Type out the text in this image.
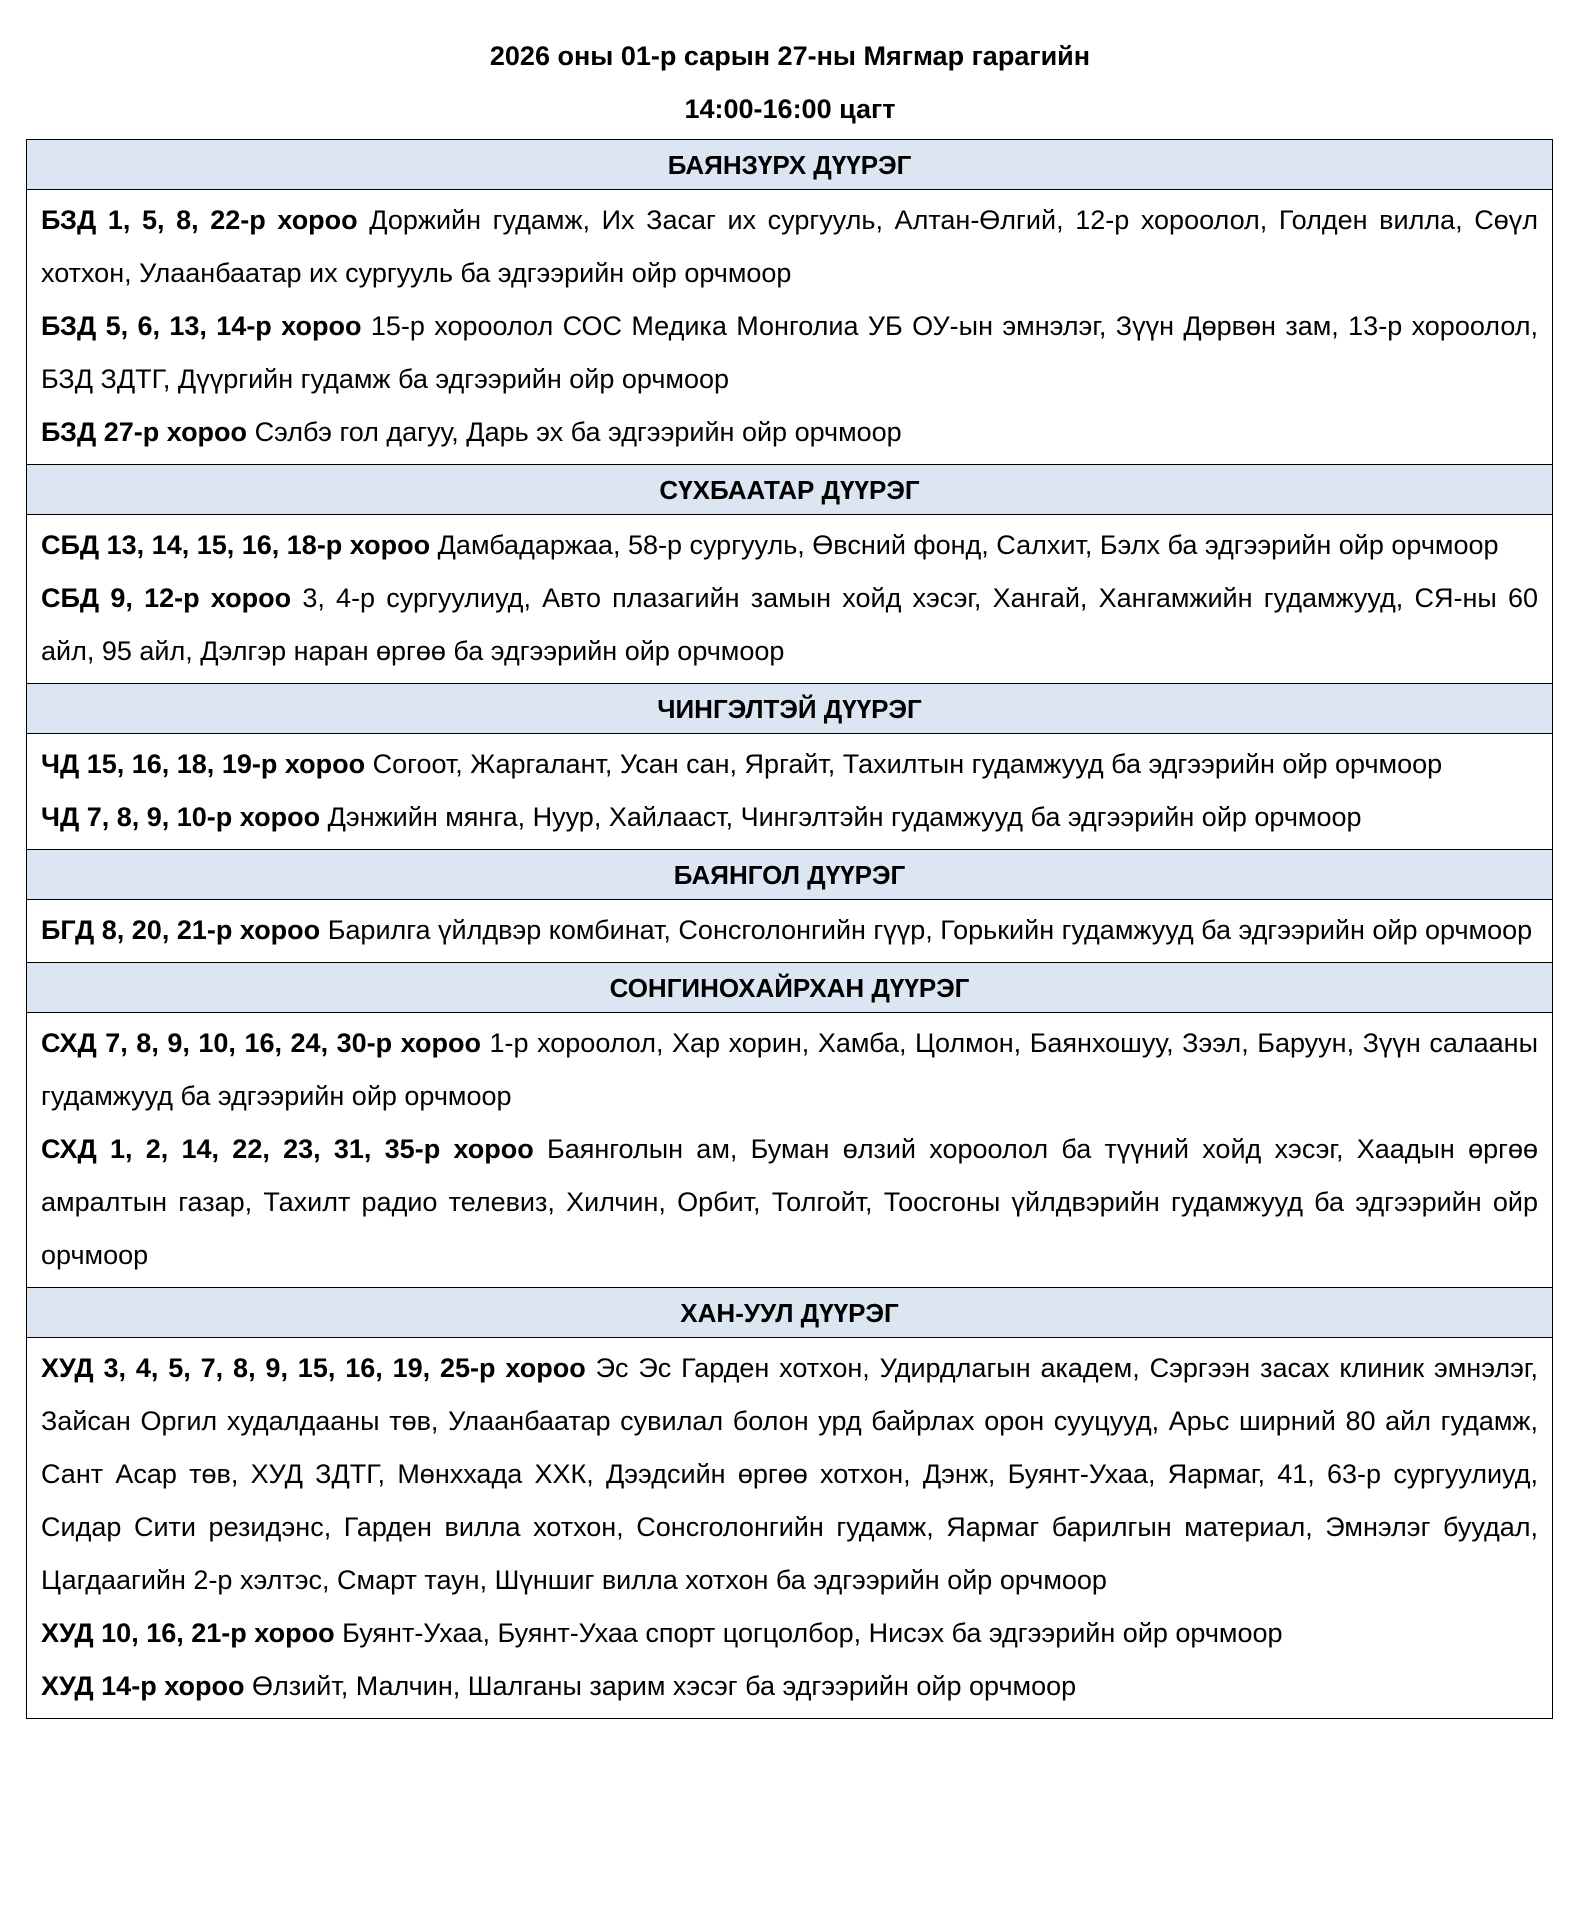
2026 оны 01-р сарын 27-ны Мягмар гарагийн
14:00-16:00 цагт
БАЯНЗҮРХ ДҮҮРЭГ

БЗД 1, 5, 8, 22-р хороо Доржийн гудамж, Их Засаг их сургууль, Алтан-Өлгий, 12-р хороолол, Голден вилла, Сөүл хотхон, Улаанбаатар их сургууль ба эдгээрийн ойр орчмоор

БЗД 5, 6, 13, 14-р хороо 15-р хороолол СОС Медика Монголиа УБ ОУ-ын эмнэлэг, Зүүн Дөрвөн зам, 13-р хороолол, БЗД ЗДТГ, Дүүргийн гудамж ба эдгээрийн ойр орчмоор

БЗД 27-р хороо Сэлбэ гол дагуу, Дарь эх ба эдгээрийн ойр орчмоор

СҮХБААТАР ДҮҮРЭГ

СБД 13, 14, 15, 16, 18-р хороо Дамбадаржаа, 58-р сургууль, Өвсний фонд, Салхит, Бэлх ба эдгээрийн ойр орчмоор

СБД 9, 12-р хороо 3, 4-р сургуулиуд, Авто плазагийн замын хойд хэсэг, Хангай, Хангамжийн гудамжууд, СЯ-ны 60 айл, 95 айл, Дэлгэр наран өргөө ба эдгээрийн ойр орчмоор

ЧИНГЭЛТЭЙ ДҮҮРЭГ

ЧД 15, 16, 18, 19-р хороо Согоот, Жаргалант, Усан сан, Яргайт, Тахилтын гудамжууд ба эдгээрийн ойр орчмоор

ЧД 7, 8, 9, 10-р хороо Дэнжийн мянга, Нуур, Хайлааст, Чингэлтэйн гудамжууд ба эдгээрийн ойр орчмоор

БАЯНГОЛ ДҮҮРЭГ

БГД 8, 20, 21-р хороо Барилга үйлдвэр комбинат, Сонсголонгийн гүүр, Горькийн гудамжууд ба эдгээрийн ойр орчмоор

СОНГИНОХАЙРХАН ДҮҮРЭГ

СХД 7, 8, 9, 10, 16, 24, 30-р хороо 1-р хороолол, Хар хорин, Хамба, Цолмон, Баянхошуу, Зээл, Баруун, Зүүн салааны гудамжууд ба эдгээрийн ойр орчмоор

СХД 1, 2, 14, 22, 23, 31, 35-р хороо Баянголын ам, Буман өлзий хороолол ба түүний хойд хэсэг, Хаадын өргөө амралтын газар, Тахилт радио телевиз, Хилчин, Орбит, Толгойт, Тоосгоны үйлдвэрийн гудамжууд ба эдгээрийн ойр орчмоор

ХАН-УУЛ ДҮҮРЭГ

ХУД 3, 4, 5, 7, 8, 9, 15, 16, 19, 25-р хороо Эс Эс Гарден хотхон, Удирдлагын академ, Сэргээн засах клиник эмнэлэг, Зайсан Оргил худалдааны төв, Улаанбаатар сувилал болон урд байрлах орон сууцууд, Арьс ширний 80 айл гудамж, Сант Асар төв, ХУД ЗДТГ, Мөнххада ХХК, Дээдсийн өргөө хотхон, Дэнж, Буянт-Ухаа, Яармаг, 41, 63-р сургуулиуд, Сидар Сити резидэнс, Гарден вилла хотхон, Сонсголонгийн гудамж, Яармаг барилгын материал, Эмнэлэг буудал, Цагдаагийн 2-р хэлтэс, Смарт таун, Шүншиг вилла хотхон ба эдгээрийн ойр орчмоор

ХУД 10, 16, 21-р хороо Буянт-Ухаа, Буянт-Ухаа спорт цогцолбор, Нисэх ба эдгээрийн ойр орчмоор

ХУД 14-р хороо Өлзийт, Малчин, Шалганы зарим хэсэг ба эдгээрийн ойр орчмоор
